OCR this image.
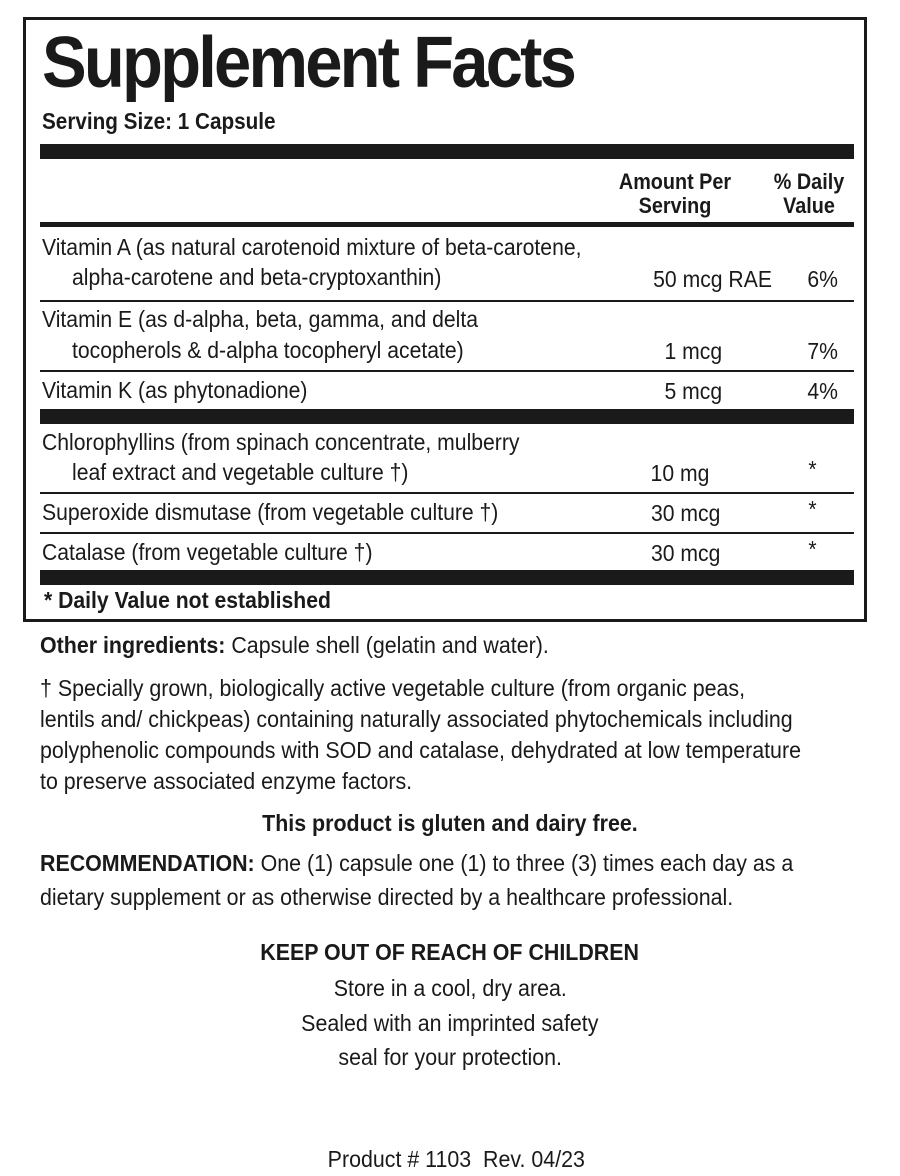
Supplement Facts
Serving Size: 1 Capsule
Amount Per
Serving
% Daily
Value
Vitamin A (as natural carotenoid mixture of beta-carotene,
alpha-carotene and beta-cryptoxanthin)	50 mcg RAE 6%
Vitamin E (as d-alpha, beta, gamma, and delta
tocopherols & d-alpha tocopheryl acetate)	1 mcg	7%
Vitamin K (as phytonadione)	5 mcg	4%
Chlorophyllins (from spinach concentrate, mulberry
leaf extract and vegetable culture †)	10 mg	*
Superoxide dismutase (from vegetable culture †)	30 mcg	*
Catalase (from vegetable culture †)	30 mcg	*
* Daily Value not established
Other ingredients: Capsule shell (gelatin and water).
† Specially grown, biologically active vegetable culture (from organic peas,
lentils and/ chickpeas) containing naturally associated phytochemicals including
polyphenolic compounds with SOD and catalase, dehydrated at low temperature
to preserve associated enzyme factors.
This product is gluten and dairy free.
RECOMMENDATION: One (1) capsule one (1) to three (3) times each day as a
dietary supplement or as otherwise directed by a healthcare professional.
KEEP OUT OF REACH OF CHILDREN
Store in a cool, dry area.
Sealed with an imprinted safety
seal for your protection.

Product # 1103  Rev. 04/23
